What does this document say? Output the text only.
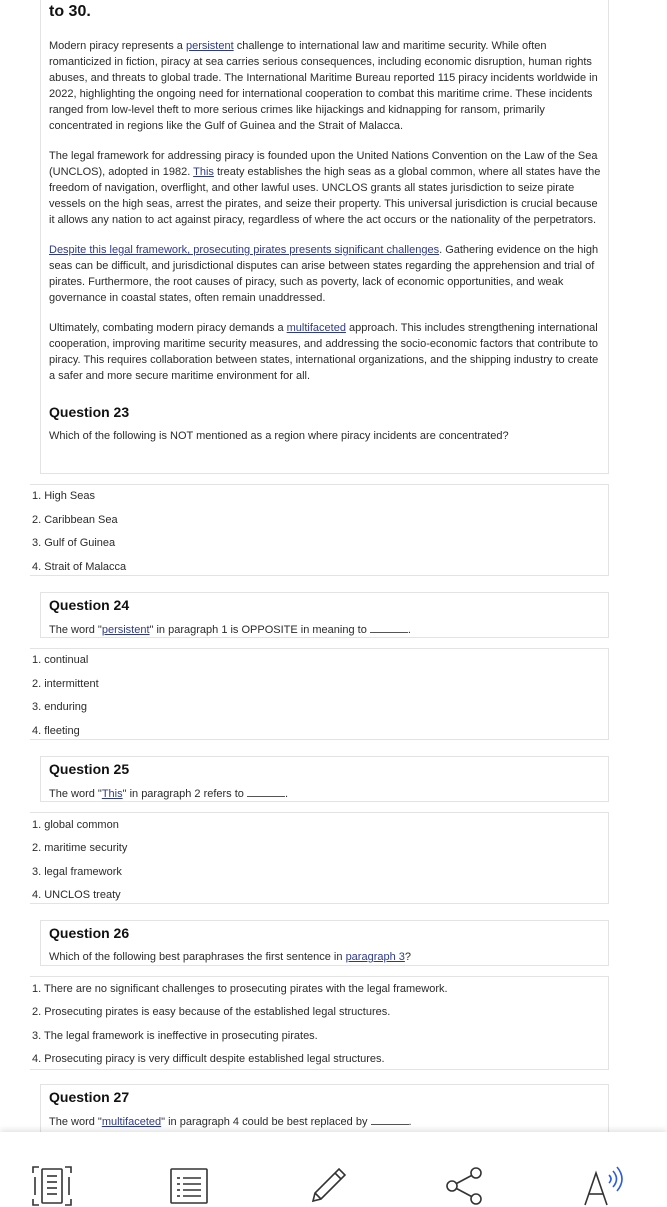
to 30.

Modern piracy represents a persistent challenge to international law and maritime security. While often romanticized in fiction, piracy at sea carries serious consequences, including economic disruption, human rights abuses, and threats to global trade. The International Maritime Bureau reported 115 piracy incidents worldwide in 2022, highlighting the ongoing need for international cooperation to combat this maritime crime. These incidents ranged from low-level theft to more serious crimes like hijackings and kidnapping for ransom, primarily concentrated in regions like the Gulf of Guinea and the Strait of Malacca.

The legal framework for addressing piracy is founded upon the United Nations Convention on the Law of the Sea (UNCLOS), adopted in 1982. This treaty establishes the high seas as a global common, where all states have the freedom of navigation, overflight, and other lawful uses. UNCLOS grants all states jurisdiction to seize pirate vessels on the high seas, arrest the pirates, and seize their property. This universal jurisdiction is crucial because it allows any nation to act against piracy, regardless of where the act occurs or the nationality of the perpetrators.

Despite this legal framework, prosecuting pirates presents significant challenges. Gathering evidence on the high seas can be difficult, and jurisdictional disputes can arise between states regarding the apprehension and trial of pirates. Furthermore, the root causes of piracy, such as poverty, lack of economic opportunities, and weak governance in coastal states, often remain unaddressed.

Ultimately, combating modern piracy demands a multifaceted approach. This includes strengthening international cooperation, improving maritime security measures, and addressing the socio-economic factors that contribute to piracy. This requires collaboration between states, international organizations, and the shipping industry to create a safer and more secure maritime environment for all.

Question 23
Which of the following is NOT mentioned as a region where piracy incidents are concentrated?
1. High Seas
2. Caribbean Sea
3. Gulf of Guinea
4. Strait of Malacca
Question 24
The word "persistent" in paragraph 1 is OPPOSITE in meaning to	.
1. continual
2. intermittent
3. enduring
4. fleeting
Question 25
The word "This" in paragraph 2 refers to	.
1. global common
2. maritime security
3. legal framework
4. UNCLOS treaty
Question 26
Which of the following best paraphrases the first sentence in paragraph 3?
1. There are no significant challenges to prosecuting pirates with the legal framework.
2. Prosecuting pirates is easy because of the established legal structures.
3. The legal framework is ineffective in prosecuting pirates.
4. Prosecuting piracy is very difficult despite established legal structures.
Question 27
The word "multifaceted" in paragraph 4 could be best replaced by	.
